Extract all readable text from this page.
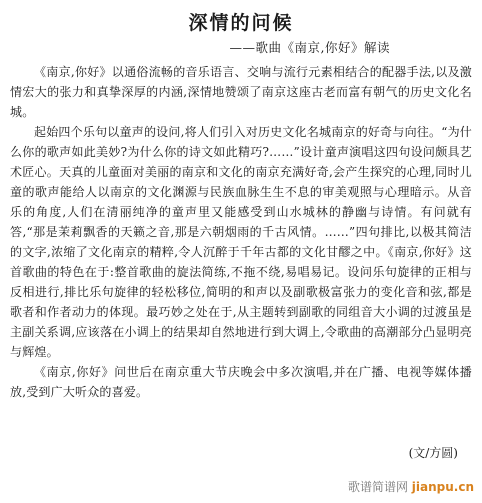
深情的问候
——歌曲《南京,你好》解读

《南京,你好》以通俗流畅的音乐语言、交响与流行元素相结合的配器手法,以及激情宏大的张力和真挚深厚的内涵,深情地赞颂了南京这座古老而富有朝气的历史文化名城。

起始四个乐句以童声的设问,将人们引入对历史文化名城南京的好奇与向往。“为什么你的歌声如此美妙?为什么你的诗文如此精巧?……”设计童声演唱这四句设问颇具艺术匠心。天真的儿童面对美丽的南京和文化的南京充满好奇,会产生探究的心理,同时儿童的歌声能给人以南京的文化渊源与民族血脉生生不息的审美观照与心理暗示。从音乐的角度,人们在清丽纯净的童声里又能感受到山水城林的静幽与诗情。有问就有答,“那是茉莉飘香的天籁之音,那是六朝烟雨的千古风情。……”四句排比,以极其简洁的文字,浓缩了文化南京的精粹,令人沉醉于千年古都的文化甘醪之中。《南京,你好》这首歌曲的特色在于:整首歌曲的旋法简练,不拖不绕,易唱易记。设问乐句旋律的正相与反相进行,排比乐句旋律的轻松移位,简明的和声以及副歌极富张力的变化音和弦,都是歌者和作者动力的体现。最巧妙之处在于,从主题转到副歌的同组音大小调的过渡虽是主副关系调,应该落在小调上的结果却自然地进行到大调上,令歌曲的高潮部分凸显明亮与辉煌。

《南京,你好》问世后在南京重大节庆晚会中多次演唱,并在广播、电视等媒体播放,受到广大听众的喜爱。

(文/方圆)
歌谱简谱网 jianpu.cn
